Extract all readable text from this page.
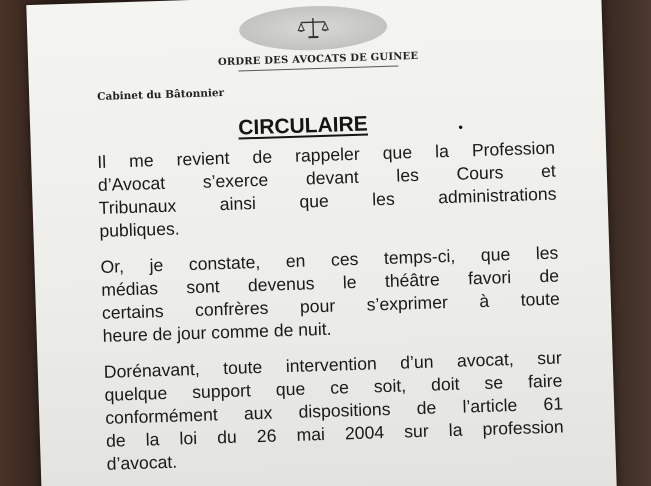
ORDRE DES AVOCATS DE GUINEE
Cabinet du Bâtonnier
CIRCULAIRE	•
Il me revient de rappeler que la Profession
d’Avocat s’exerce devant les Cours et
Tribunaux ainsi que les administrations
publiques.
Or, je constate, en ces temps-ci, que les
médias sont devenus le théâtre favori de
certains confrères pour s’exprimer à toute
heure de jour comme de nuit.
Dorénavant, toute intervention d’un avocat, sur
quelque support que ce soit, doit se faire
conformément aux dispositions de l’article 61
de la loi du 26 mai 2004 sur la profession
d’avocat.
